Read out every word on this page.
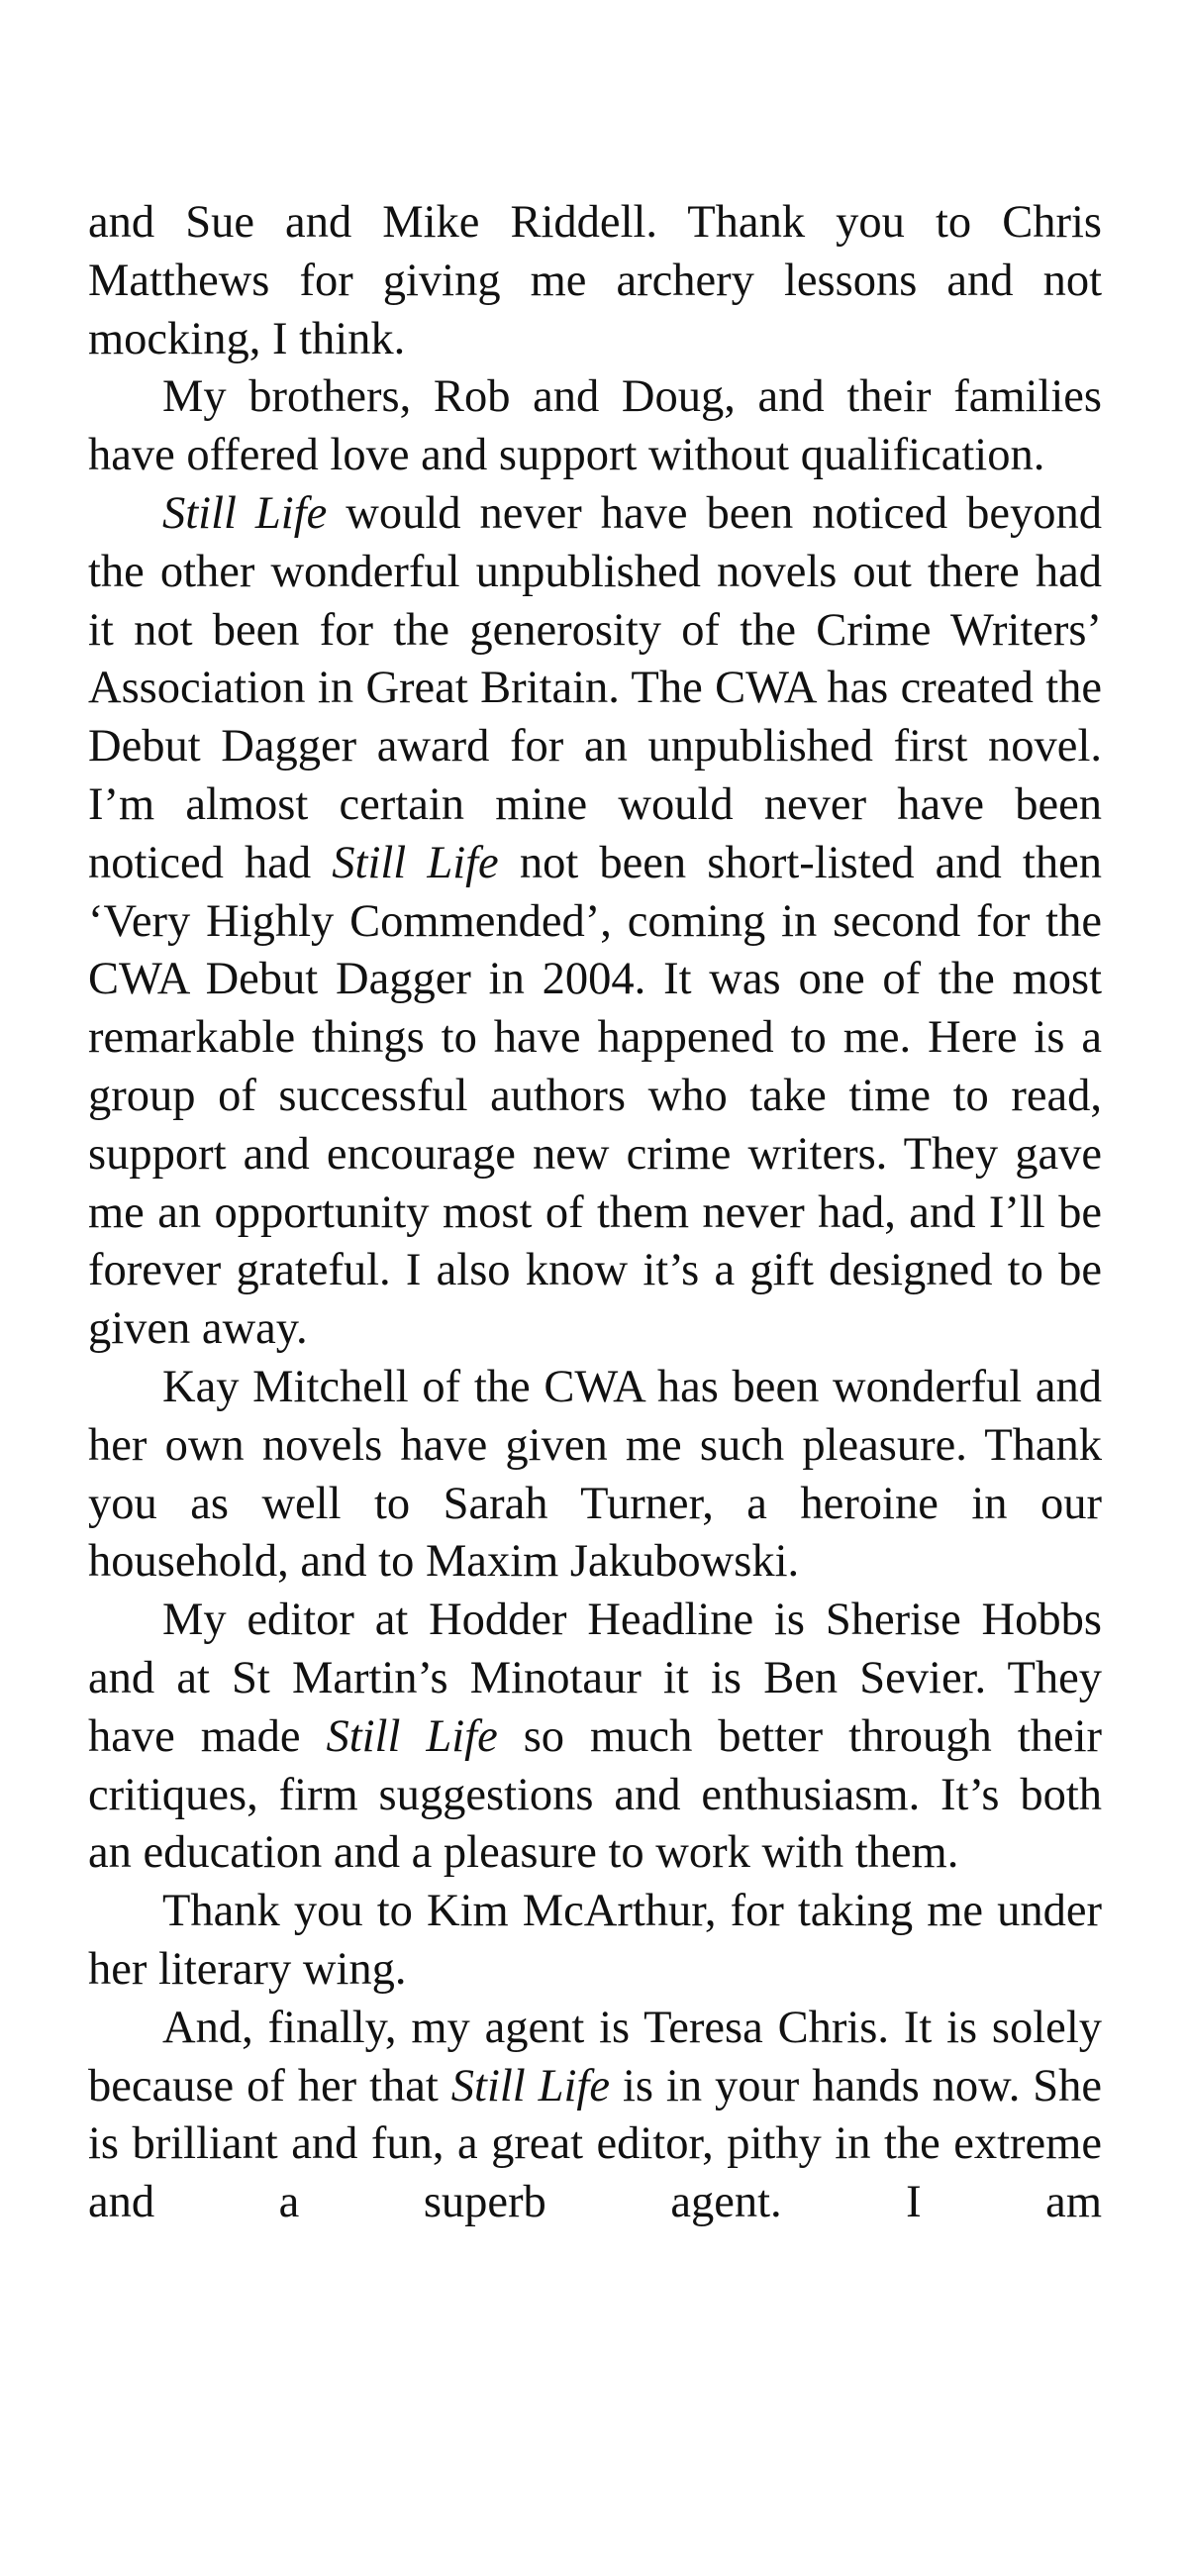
and Sue and Mike Riddell. Thank you to Chris Matthews for giving me archery lessons and not mocking, I think.

My brothers, Rob and Doug, and their families have offered love and support without qualification.

Still Life would never have been noticed beyond the other wonderful unpublished novels out there had it not been for the generosity of the Crime Writers’ Association in Great Britain. The CWA has created the Debut Dagger award for an unpublished first novel. I’m almost certain mine would never have been noticed had Still Life not been short-listed and then ‘Very Highly Commended’, coming in second for the CWA Debut Dagger in 2004. It was one of the most remarkable things to have happened to me. Here is a group of successful authors who take time to read, support and encourage new crime writers. They gave me an opportunity most of them never had, and I’ll be forever grateful. I also know it’s a gift designed to be given away.

Kay Mitchell of the CWA has been wonderful and her own novels have given me such pleasure. Thank you as well to Sarah Turner, a heroine in our household, and to Maxim Jakubowski.

My editor at Hodder Headline is Sherise Hobbs and at St Martin’s Minotaur it is Ben Sevier. They have made Still Life so much better through their critiques, firm suggestions and enthusiasm. It’s both an education and a pleasure to work with them.

Thank you to Kim McArthur, for taking me under her literary wing.

And, finally, my agent is Teresa Chris. It is solely because of her that Still Life is in your hands now. She is brilliant and fun, a great editor, pithy in the extreme and a superb agent. I am
